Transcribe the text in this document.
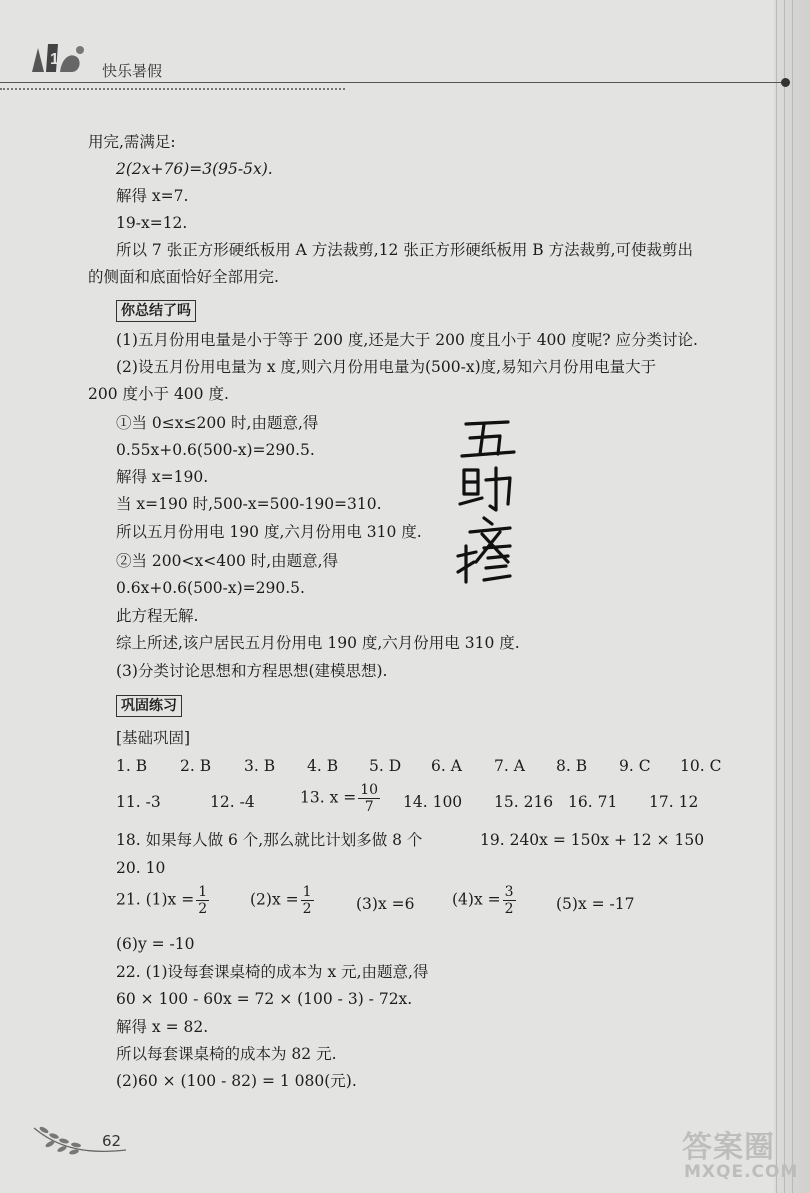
1
快乐暑假
用完,需满足:
2(2x+76)=3(95-5x).
解得 x=7.
19-x=12.
所以 7 张正方形硬纸板用 A 方法裁剪,12 张正方形硬纸板用 B 方法裁剪,可使裁剪出
的侧面和底面恰好全部用完.
你总结了吗
(1)五月份用电量是小于等于 200 度,还是大于 200 度且小于 400 度呢? 应分类讨论.
(2)设五月份用电量为 x 度,则六月份用电量为(500-x)度,易知六月份用电量大于
200 度小于 400 度.
①当 0≤x≤200 时,由题意,得
0.55x+0.6(500-x)=290.5.
解得 x=190.
当 x=190 时,500-x=500-190=310.
所以五月份用电 190 度,六月份用电 310 度.
②当 200<x<400 时,由题意,得
0.6x+0.6(500-x)=290.5.
此方程无解.
综上所述,该户居民五月份用电 190 度,六月份用电 310 度.
(3)分类讨论思想和方程思想(建模思想).
巩固练习
[基础巩固]
1. B 2. B 3. B 4. B 5. D 6. A 7. A 8. B 9. C 10. C
11. -3	12. -4	13. $x = \frac{10}{7} 14$. 100 15. 216 16. 71 17. 12
18. 如果每人做 6 个,那么就比计划多做 8 个	19. 240x = 150x + 12 × 150
20. 10
21. $(1)x = \frac{1}{2}$	$(2)x = \frac{1}{2}$	(3)x =6 $(4)x = \frac{3}{2}$	(5)x = -17
(6)y = -10
22. (1)设每套课桌椅的成本为 x 元,由题意,得
60 × 100 - 60x = 72 × (100 - 3) - 72x.
解得 x = 82.
所以每套课桌椅的成本为 82 元.
(2)60 × (100 - 82) = 1 080(元).
62	答案圈
MXQE.COM
